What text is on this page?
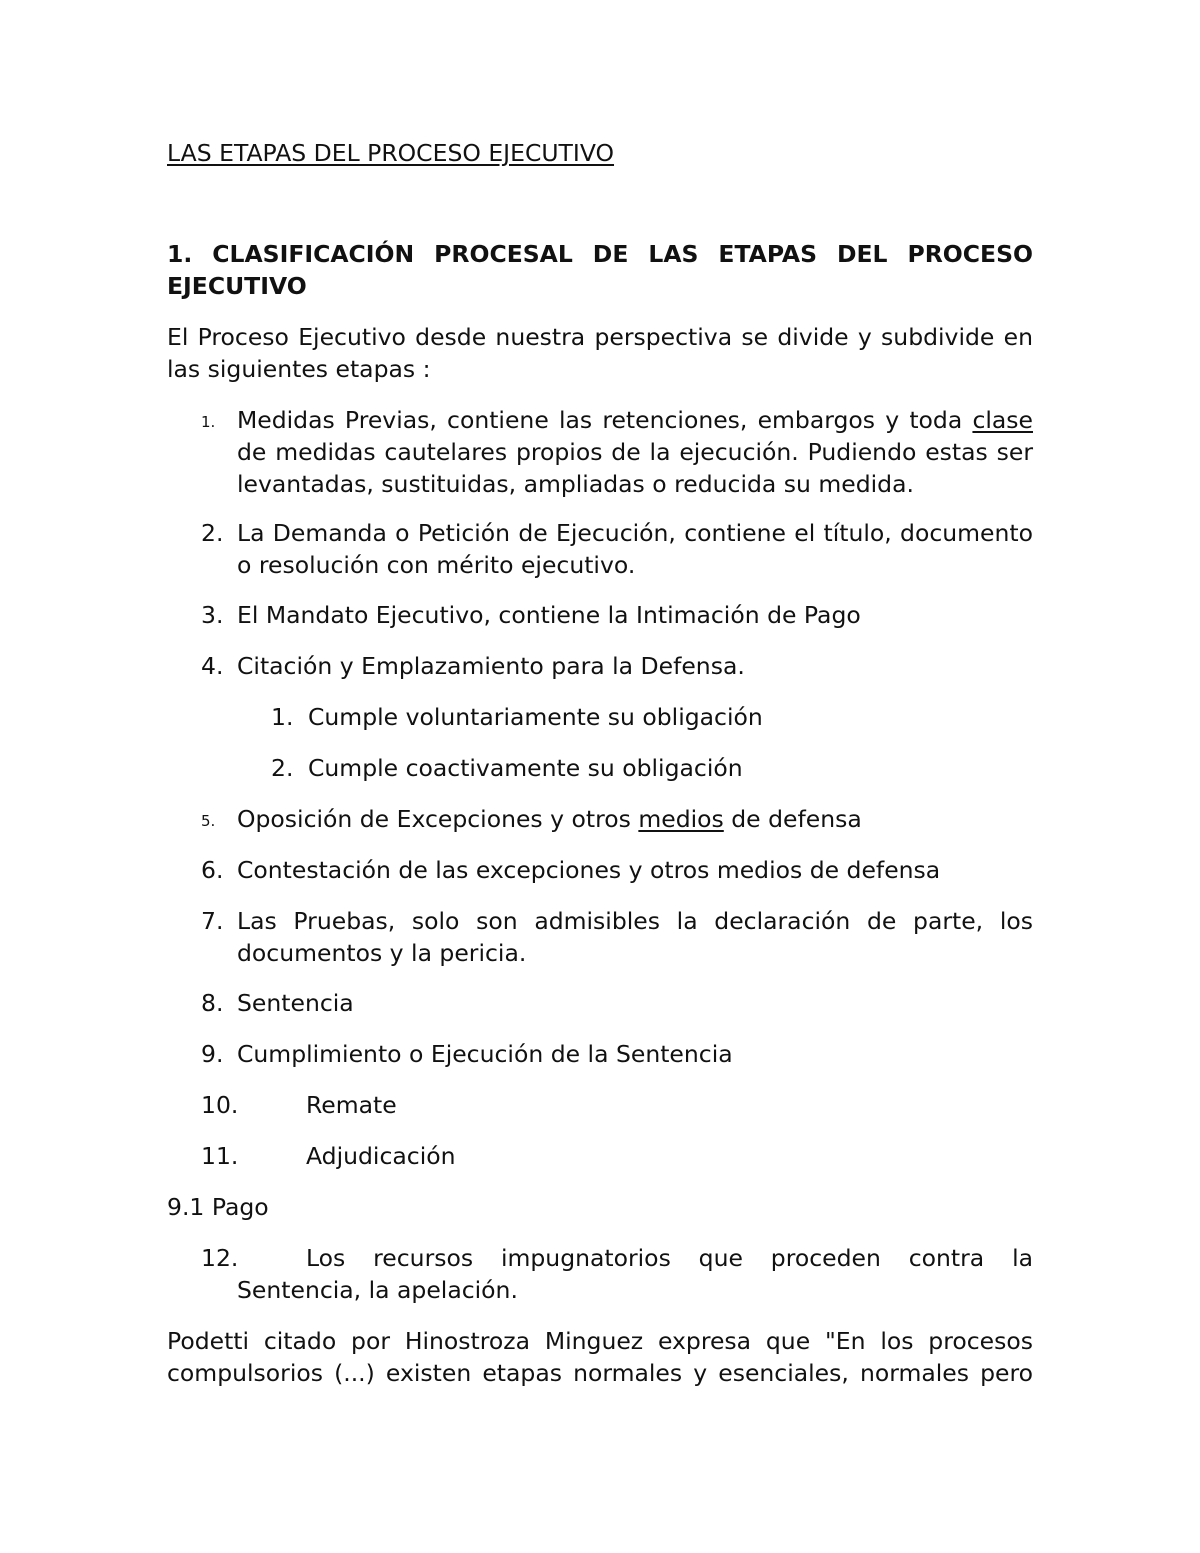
LAS ETAPAS DEL PROCESO EJECUTIVO
1. CLASIFICACIÓN PROCESAL DE LAS ETAPAS DEL PROCESO
EJECUTIVO
El Proceso Ejecutivo desde nuestra perspectiva se divide y subdivide en
las siguientes etapas :
1. Medidas Previas, contiene las retenciones, embargos y toda clase
de medidas cautelares propios de la ejecución. Pudiendo estas ser
levantadas, sustituidas, ampliadas o reducida su medida.
2. La Demanda o Petición de Ejecución, contiene el título, documento
o resolución con mérito ejecutivo.
3. El Mandato Ejecutivo, contiene la Intimación de Pago
4. Citación y Emplazamiento para la Defensa.
1. Cumple voluntariamente su obligación
2. Cumple coactivamente su obligación
5. Oposición de Excepciones y otros medios de defensa
6. Contestación de las excepciones y otros medios de defensa
7. Las Pruebas, solo son admisibles la declaración de parte, los
documentos y la pericia.
8. Sentencia
9. Cumplimiento o Ejecución de la Sentencia
10.	Remate
11.	Adjudicación
9.1 Pago
12.	Los recursos impugnatorios que proceden contra la
Sentencia, la apelación.
Podetti citado por Hinostroza Minguez expresa que "En los procesos
compulsorios (...) existen etapas normales y esenciales, normales pero
